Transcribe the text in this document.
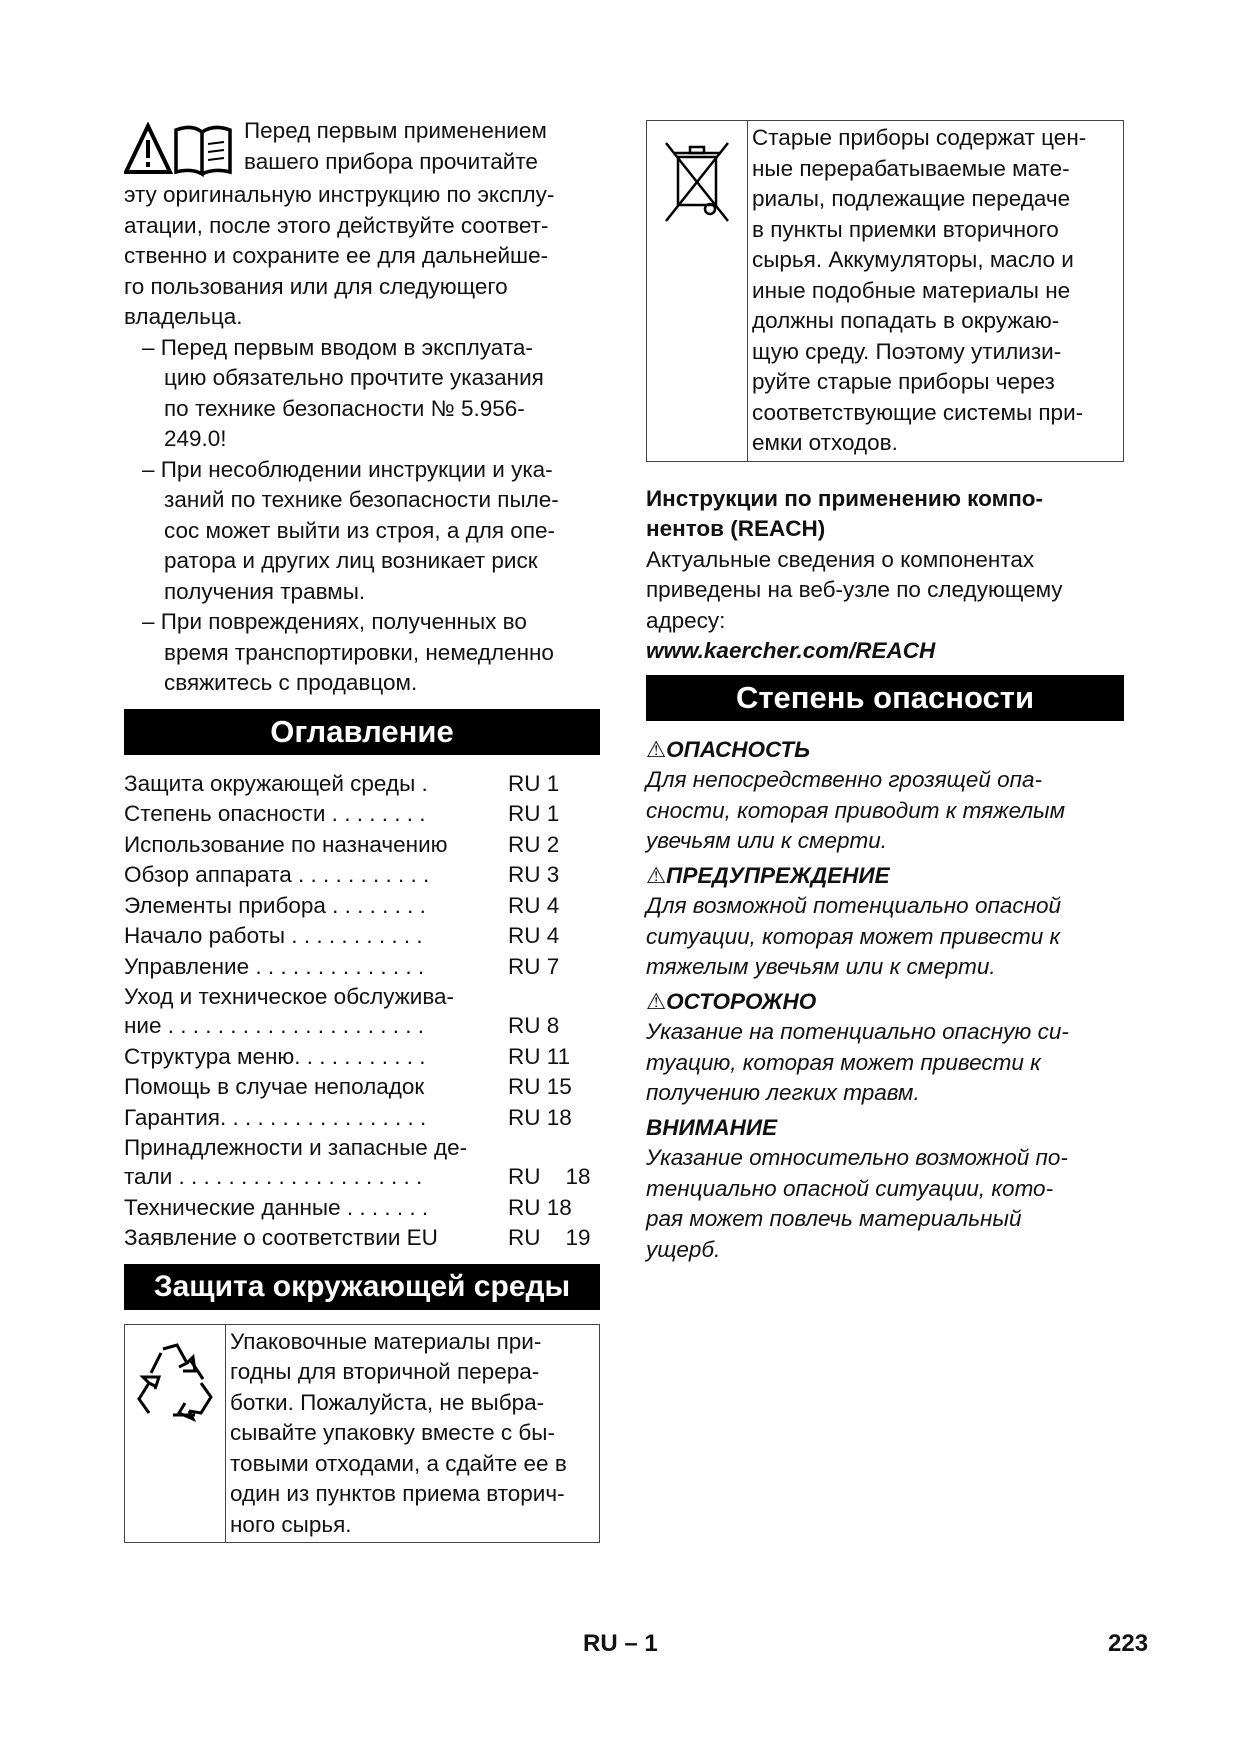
Перед первым применением

вашего прибора прочитайте

эту оригинальную инструкцию по эксплу-

атации, после этого действуйте соответ-

ственно и сохраните ее для дальнейше-

го пользования или для следующего

владельца.

– Перед первым вводом в эксплуата-

цию обязательно прочтите указания

по технике безопасности № 5.956-

249.0!

– При несоблюдении инструкции и ука-

заний по технике безопасности пыле-

сос может выйти из строя, а для опе-

ратора и других лиц возникает риск

получения травмы.

– При повреждениях, полученных во

время транспортировки, немедленно

свяжитесь с продавцом.

Оглавление
Защита окружающей среды .	RU 1
Степень опасности . . . . . . . .	RU 1
Использование по назначению	RU 2
Обзор аппарата . . . . . . . . . . .	RU 3
Элементы прибора . . . . . . . .	RU 4
Начало работы . . . . . . . . . . .	RU 4
Управление . . . . . . . . . . . . . .	RU 7

Уход и техническое обслужива-

ние . . . . . . . . . . . . . . . . . . . . .	RU 8
Структура меню. . . . . . . . . . .	RU 11
Помощь в случае неполадок	RU 15
Гарантия. . . . . . . . . . . . . . . . .	RU 18

Принадлежности и запасные де-

тали . . . . . . . . . . . . . . . . . . . .	RU    18
Технические данные . . . . . . .	RU 18
Заявление о соответствии EU	RU    19
Защита окружающей среды

Упаковочные материалы при-

годны для вторичной перера-

ботки. Пожалуйста, не выбра-

сывайте упаковку вместе с бы-

товыми отходами, а сдайте ее в

один из пунктов приема вторич-

ного сырья.

Старые приборы содержат цен-

ные перерабатываемые мате-

риалы, подлежащие передаче

в пункты приемки вторичного

сырья. Аккумуляторы, масло и

иные подобные материалы не

должны попадать в окружаю-

щую среду. Поэтому утилизи-

руйте старые приборы через

соответствующие системы при-

емки отходов.

Инструкции по применению компо-

нентов (REACH)

Актуальные сведения о компонентах

приведены на веб-узле по следующему

адресу:

www.kaercher.com/REACH

Степень опасности

⚠ОПАСНОСТЬ

Для непосредственно грозящей опа-

сности, которая приводит к тяжелым

увечьям или к смерти.

⚠ПРЕДУПРЕЖДЕНИЕ

Для возможной потенциально опасной

ситуации, которая может привести к

тяжелым увечьям или к смерти.

⚠ОСТОРОЖНО

Указание на потенциально опасную си-

туацию, которая может привести к

получению легких травм.

ВНИМАНИЕ

Указание относительно возможной по-

тенциально опасной ситуации, кото-

рая может повлечь материальный

ущерб.

RU – 1	223
